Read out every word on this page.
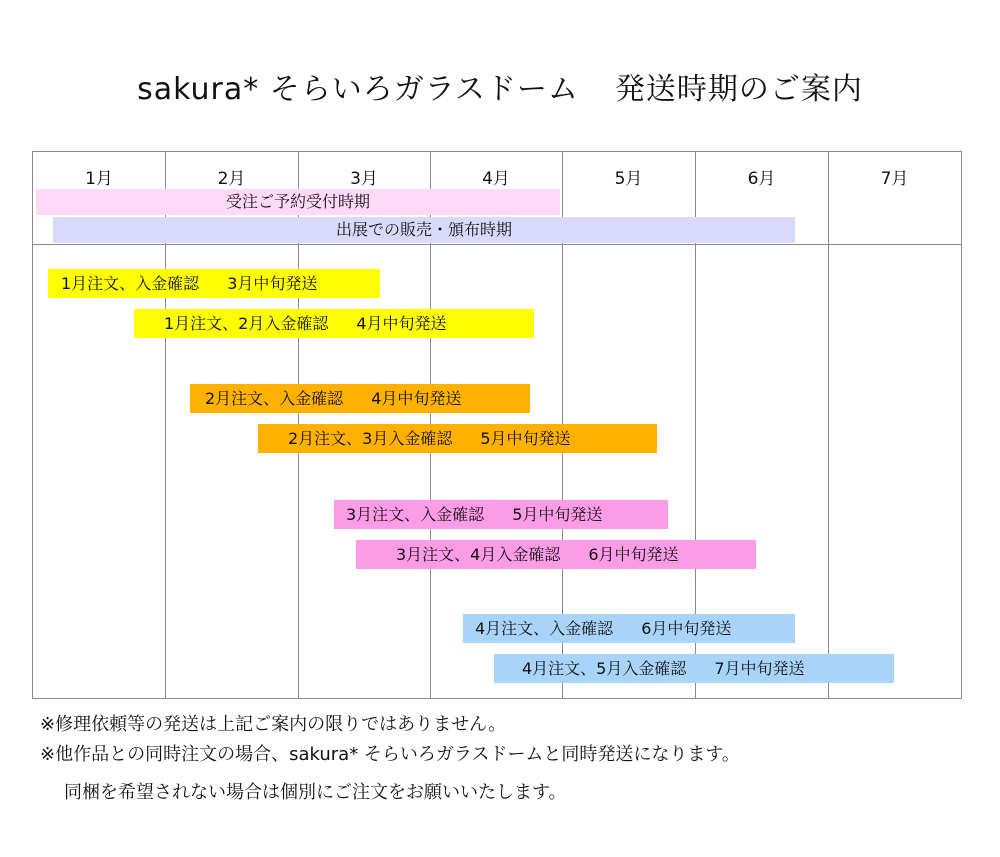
sakura* そらいろガラスドーム 発送時期のご案内
1月	2月	3月	4月	5月	6月	7月
受注ご予約受付時期
出展での販売・頒布時期
1月注文、入金確認 3月中旬発送
1月注文、2月入金確認 4月中旬発送
2月注文、入金確認 4月中旬発送
2月注文、3月入金確認 5月中旬発送
3月注文、入金確認 5月中旬発送
3月注文、4月入金確認 6月中旬発送
4月注文、入金確認 6月中旬発送
4月注文、5月入金確認 7月中旬発送
※修理依頼等の発送は上記ご案内の限りではありません。
※他作品との同時注文の場合、sakura* そらいろガラスドームと同時発送になります。
同梱を希望されない場合は個別にご注文をお願いいたします。
